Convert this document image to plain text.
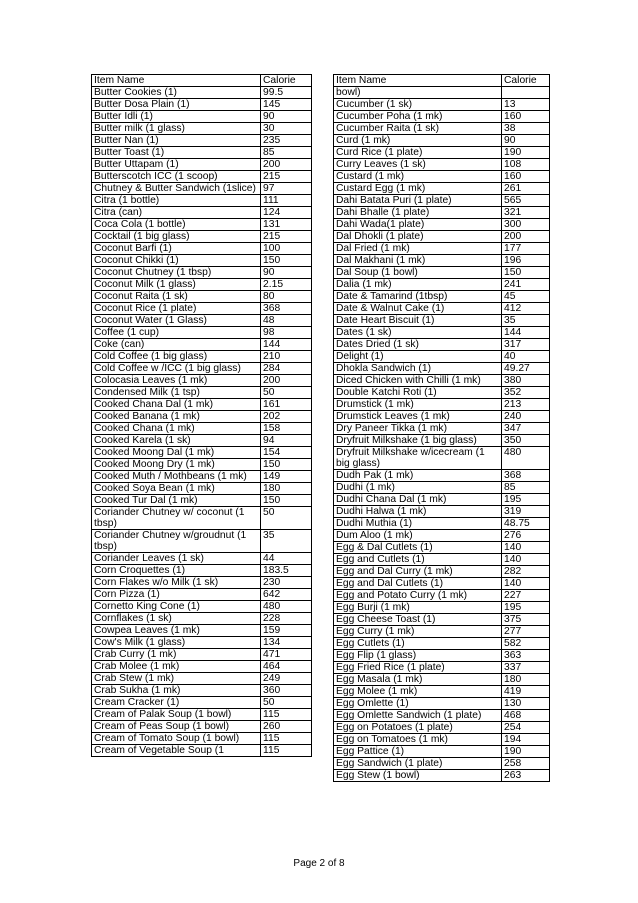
Item Name	Calorie
Butter Cookies (1)	99.5
Butter Dosa Plain (1)	145
Butter Idli (1)	90
Butter milk (1 glass)	30
Butter Nan (1)	235
Butter Toast (1)	85
Butter Uttapam (1)	200
Butterscotch ICC (1 scoop)	215
Chutney & Butter Sandwich (1slice)	97
Citra (1 bottle)	111
Citra (can)	124
Coca Cola (1 bottle)	131
Cocktail (1 big glass)	215
Coconut Barfi (1)	100
Coconut Chikki (1)	150
Coconut Chutney (1 tbsp)	90
Coconut Milk (1 glass)	2.15
Coconut Raita (1 sk)	80
Coconut Rice (1 plate)	368
Coconut Water (1 Glass)	48
Coffee (1 cup)	98
Coke (can)	144
Cold Coffee (1 big glass)	210
Cold Coffee w /ICC (1 big glass)	284
Colocasia Leaves (1 mk)	200
Condensed Milk (1 tsp)	50
Cooked Chana Dal (1 mk)	161
Cooked Banana (1 mk)	202
Cooked Chana (1 mk)	158
Cooked Karela (1 sk)	94
Cooked Moong Dal (1 mk)	154
Cooked Moong Dry (1 mk)	150
Cooked Muth / Mothbeans (1 mk)	149
Cooked Soya Bean (1 mk)	180
Cooked Tur Dal (1 mk)	150
Coriander Chutney w/ coconut (1 tbsp)	50
Coriander Chutney w/groudnut (1 tbsp)	35
Coriander Leaves (1 sk)	44
Corn Croquettes (1)	183.5
Corn Flakes w/o Milk (1 sk)	230
Corn Pizza (1)	642
Cornetto King Cone (1)	480
Cornflakes (1 sk)	228
Cowpea Leaves (1 mk)	159
Cow's Milk (1 glass)	134
Crab Curry (1 mk)	471
Crab Molee (1 mk)	464
Crab Stew (1 mk)	249
Crab Sukha (1 mk)	360
Cream Cracker (1)	50
Cream of Palak Soup (1 bowl)	115
Cream of Peas Soup (1 bowl)	260
Cream of Tomato Soup (1 bowl)	115
Cream of Vegetable Soup (1	115
Item Name	Calorie
bowl)	
Cucumber (1 sk)	13
Cucumber Poha (1 mk)	160
Cucumber Raita (1 sk)	38
Curd (1 mk)	90
Curd Rice (1 plate)	190
Curry Leaves (1 sk)	108
Custard (1 mk)	160
Custard Egg (1 mk)	261
Dahi Batata Puri (1 plate)	565
Dahi Bhalle (1 plate)	321
Dahi Wada(1 plate)	300
Dal Dhokli (1 plate)	200
Dal Fried (1 mk)	177
Dal Makhani (1 mk)	196
Dal Soup (1 bowl)	150
Dalia (1 mk)	241
Date & Tamarind (1tbsp)	45
Date & Walnut Cake (1)	412
Date Heart Biscuit (1)	35
Dates (1 sk)	144
Dates Dried (1 sk)	317
Delight (1)	40
Dhokla Sandwich (1)	49.27
Diced Chicken with Chilli (1 mk)	380
Double Katchi Roti (1)	352
Drumstick (1 mk)	213
Drumstick Leaves (1 mk)	240
Dry Paneer Tikka (1 mk)	347
Dryfruit Milkshake (1 big glass)	350
Dryfruit Milkshake w/icecream (1 big glass)	480
Dudh Pak (1 mk)	368
Dudhi (1 mk)	85
Dudhi Chana Dal (1 mk)	195
Dudhi Halwa (1 mk)	319
Dudhi Muthia (1)	48.75
Dum Aloo (1 mk)	276
Egg & Dal Cutlets (1)	140
Egg and Cutlets (1)	140
Egg and Dal Curry (1 mk)	282
Egg and Dal Cutlets (1)	140
Egg and Potato Curry (1 mk)	227
Egg Burji (1 mk)	195
Egg Cheese Toast (1)	375
Egg Curry (1 mk)	277
Egg Cutlets (1)	582
Egg Flip (1 glass)	363
Egg Fried Rice (1 plate)	337
Egg Masala (1 mk)	180
Egg Molee (1 mk)	419
Egg Omlette (1)	130
Egg Omlette Sandwich (1 plate)	468
Egg on Potatoes (1 plate)	254
Egg on Tomatoes (1 mk)	194
Egg Pattice (1)	190
Egg Sandwich (1 plate)	258
Egg Stew (1 bowl)	263
Page 2 of 8
